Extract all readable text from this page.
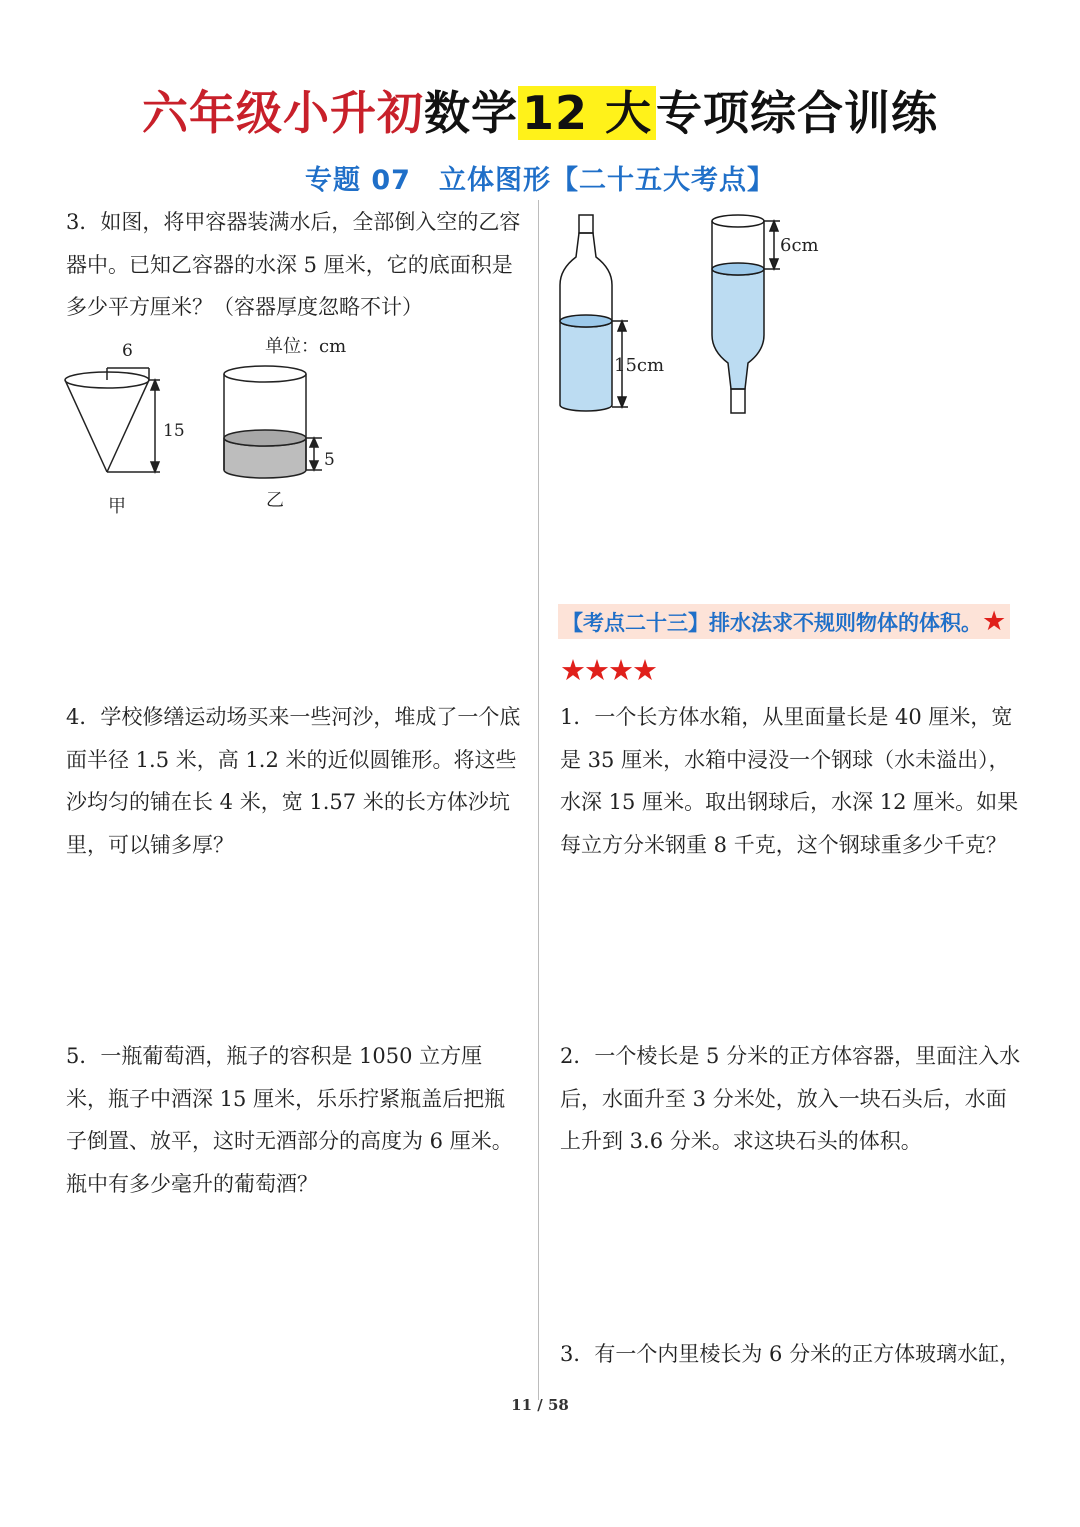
六年级小升初数学12 大专项综合训练
专题 07　立体图形【二十五大考点】
3．如图，将甲容器装满水后，全部倒入空的乙容器中。已知乙容器的水深 5 厘米，它的底面积是多少平方厘米？（容器厚度忽略不计）
6
15
甲
5
乙
单位：cm
4．学校修缮运动场买来一些河沙，堆成了一个底面半径 1.5 米，高 1.2 米的近似圆锥形。将这些沙均匀的铺在长 4 米，宽 1.57 米的长方体沙坑里，可以铺多厚？
5．一瓶葡萄酒，瓶子的容积是 1050 立方厘米，瓶子中酒深 15 厘米，乐乐拧紧瓶盖后把瓶子倒置、放平，这时无酒部分的高度为 6 厘米。瓶中有多少毫升的葡萄酒？
15cm
6cm
【考点二十三】排水法求不规则物体的体积。★
★★★★
1．一个长方体水箱，从里面量长是 40 厘米，宽是 35 厘米，水箱中浸没一个钢球（水未溢出），水深 15 厘米。取出钢球后，水深 12 厘米。如果每立方分米钢重 8 千克，这个钢球重多少千克？
2．一个棱长是 5 分米的正方体容器，里面注入水后，水面升至 3 分米处，放入一块石头后，水面上升到 3.6 分米。求这块石头的体积。
3．有一个内里棱长为 6 分米的正方体玻璃水缸，
11 / 58
